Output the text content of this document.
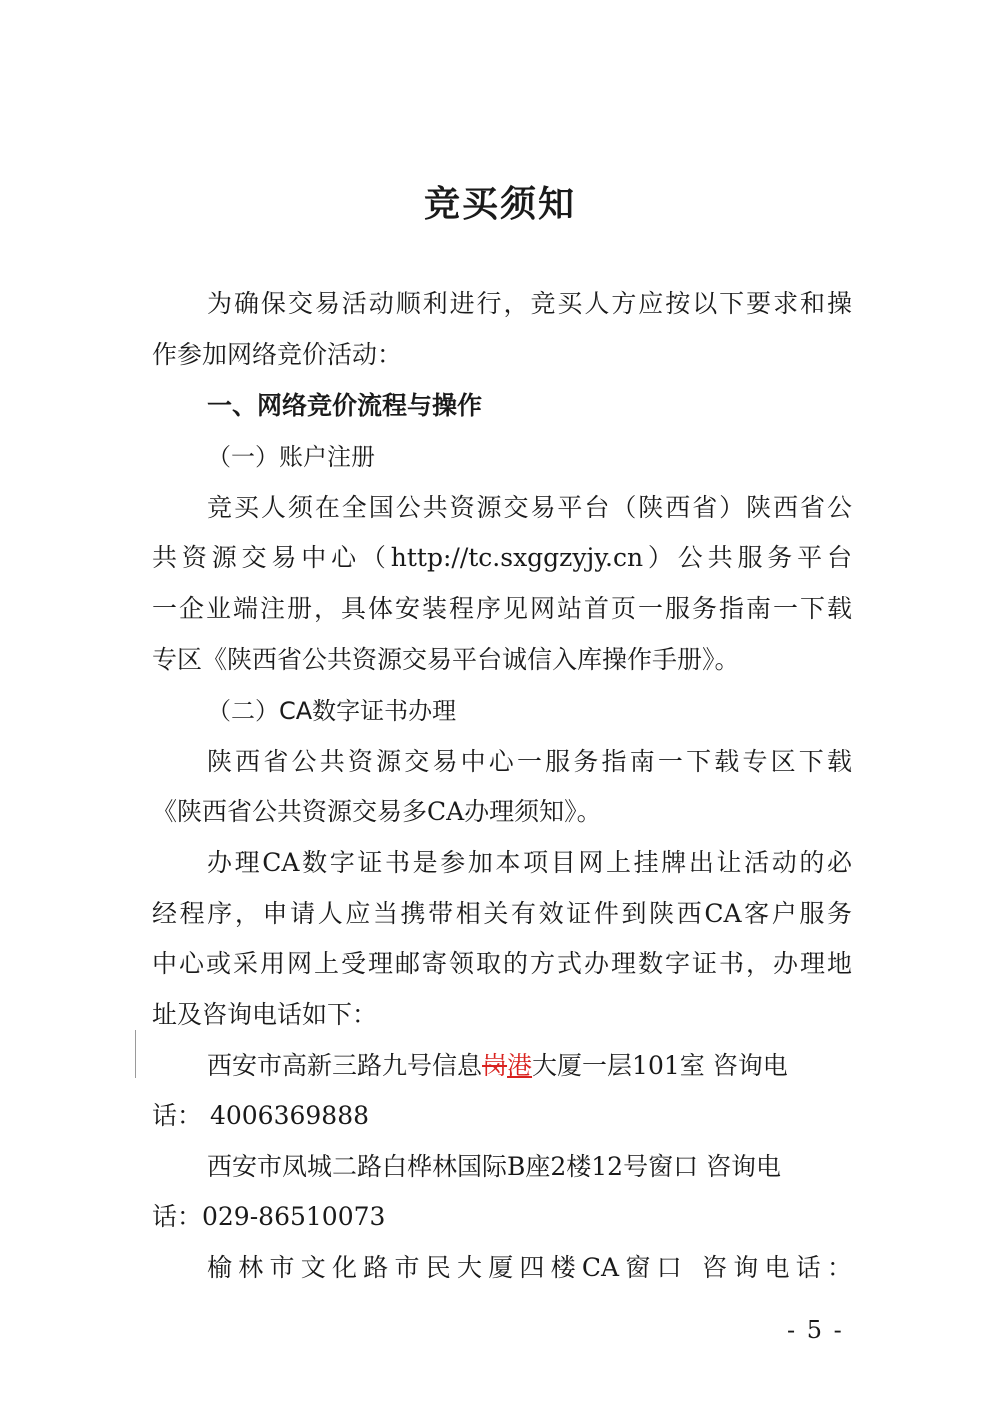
竞买须知
为确保交易活动顺利进行，竞买人方应按以下要求和操
作参加网络竞价活动：
一、网络竞价流程与操作
（一）账户注册
竞买人须在全国公共资源交易平台（陕西省）陕西省公
共资源交易中心（http://tc.sxggzyjy.cn）公共服务平台
一企业端注册，具体安装程序见网站首页一服务指南一下载
专区《陕西省公共资源交易平台诚信入库操作手册》。
（二）CA数字证书办理
陕西省公共资源交易中心一服务指南一下载专区下载
《陕西省公共资源交易多CA办理须知》。
办理CA数字证书是参加本项目网上挂牌出让活动的必
经程序，申请人应当携带相关有效证件到陕西CA客户服务
中心或采用网上受理邮寄领取的方式办理数字证书，办理地
址及咨询电话如下：
西安市高新三路九号信息岗港大厦一层101室 咨询电
话： 4006369888
西安市凤城二路白桦林国际B座2楼12号窗口 咨询电
话：029-86510073
榆林市文化路市民大厦四楼CA窗口 咨询电话：
- 5 -
